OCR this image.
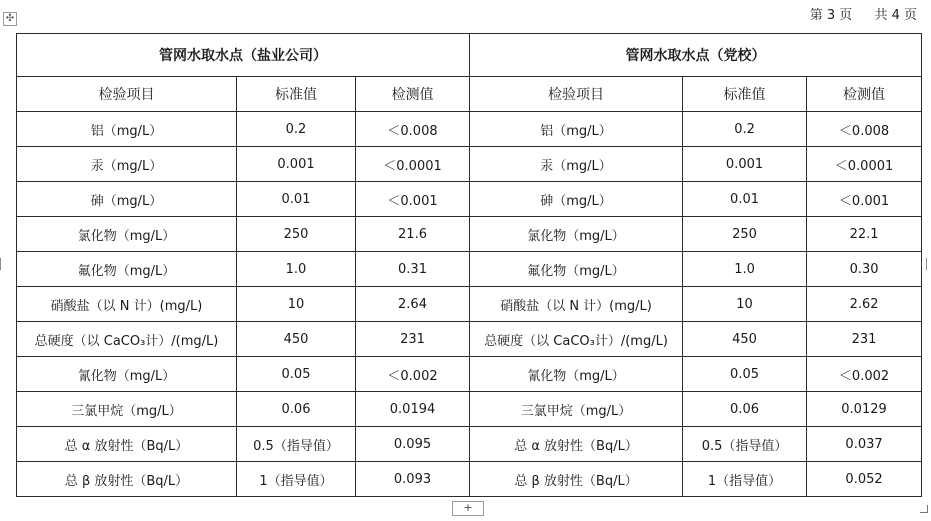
第 3 页 共 4 页
✣
管网水取水点（盐业公司）			管网水取水点（党校）		
检验项目	标准值	检测值	检验项目	标准值	检测值
铝（mg/L）	0.2	＜0.008	铝（mg/L）	0.2	＜0.008
汞（mg/L）	0.001	＜0.0001	汞（mg/L）	0.001	＜0.0001
砷（mg/L）	0.01	＜0.001	砷（mg/L）	0.01	＜0.001
氯化物（mg/L）	250	21.6	氯化物（mg/L）	250	22.1
氟化物（mg/L）	1.0	0.31	氟化物（mg/L）	1.0	0.30
硝酸盐（以 N 计）(mg/L)	10	2.64	硝酸盐（以 N 计）(mg/L)	10	2.62
总硬度（以 CaCO₃计）/(mg/L)	450	231	总硬度（以 CaCO₃计）/(mg/L)	450	231
氰化物（mg/L）	0.05	＜0.002	氰化物（mg/L）	0.05	＜0.002
三氯甲烷（mg/L）	0.06	0.0194	三氯甲烷（mg/L）	0.06	0.0129
总 α 放射性（Bq/L）	0.5（指导值）	0.095	总 α 放射性（Bq/L）	0.5（指导值）	0.037
总 β 放射性（Bq/L）	1（指导值）	0.093	总 β 放射性（Bq/L）	1（指导值）	0.052
+
